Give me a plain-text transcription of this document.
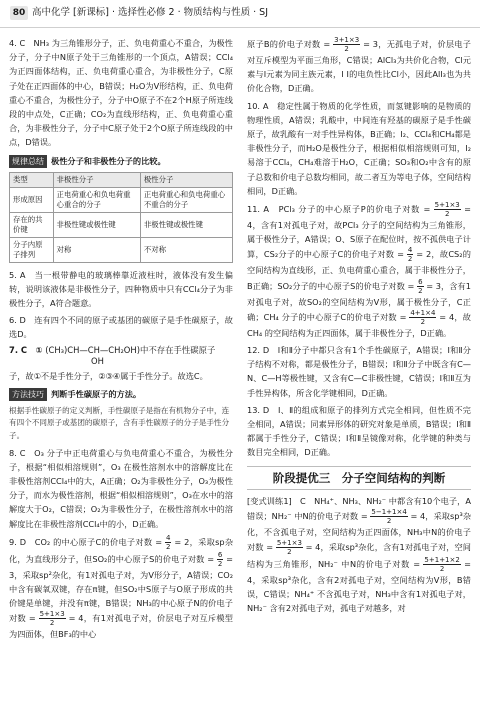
80 高中化学 [新课标] · 选择性必修 2 · 物质结构与性质 · SJ

4. C　NH₃ 为三角锥形分子，正、负电荷重心不重合，为极性分子，分子中N原子处于三角锥形的一个顶点，A错误；CCl₄为正四面体结构，正、负电荷重心重合，为非极性分子，C原子处在正四面体的中心，B错误；H₂O为V形结构，正、负电荷重心不重合，为极性分子，分子中O原子不在2个H原子所连线段的中点处，C正确；CO₂为直线形结构，正、负电荷重心重合，为非极性分子，分子中C原子处于2个O原子所连线段的中点，D错误。

规律总结 极性分子和非极性分子的比较。
类型	非极性分子	极性分子
形成原因	正电荷重心和负电荷重心重合的分子	正电荷重心和负电荷重心不重合的分子
存在的共价键	非极性键或极性键	非极性键或极性键
分子内原子排列	对称	不对称

5. A　当一根带静电的玻璃棒靠近液柱时，液体没有发生偏转，说明该液体是非极性分子，四种物质中只有CCl₄分子为非极性分子，A符合题意。

6. D　连有四个不同的原子或基团的碳原子是手性碳原子，故选D。

7. C　① (CH₃)CH—CH—CH₂OH)中不存在手性碳原子
OH

子，故①不是手性分子，②③④属于手性分子。故选C。

方法技巧 判断手性碳原子的方法。
根据手性碳原子的定义判断，手性碳原子是指在有机物分子中，连有四个不同原子或基团的碳原子，含有手性碳原子的分子是手性分子。

8. C　O₃ 分子中正电荷重心与负电荷重心不重合，为极性分子，根据“相似相溶规则”，O₃ 在极性溶剂水中的溶解度比在非极性溶剂CCl₄中的大，A正确；O₂为非极性分子，O₃为极性分子，而水为极性溶剂，根据“相似相溶规则”，O₃在水中的溶解度大于O₂，C错误；O₂为非极性分子，在极性溶剂水中的溶解度比在非极性溶剂CCl₄中的小，D正确。

9. D　CO₂ 的中心原子C的价电子对数 = $\frac{4}{2} = 2$，采取sp杂化，为直线形分子，但SO₂的中心原子S的价电子对数 = $\frac{6}{2} = 3$，采取sp²杂化，有1对孤电子对，为V形分子，A错误；CO₂中含有碳氧双键，存在π键，但SO₂中S原子与O原子形成的共价键是单键，并没有π键，B错误；NH₃的中心原子N的价电子对数 = $\frac{5+1\times 3}{2} = 4$，有1对孤电子对，价层电子对互斥模型为四面体，但BF₃的中心

原子B的价电子对数 = $\frac{3+1\times 3}{2} = 3$，无孤电子对，价层电子对互斥模型为平面三角形，C错误；AlCl₃为共价化合物，Cl元素与I元素为同主族元素，I I的电负性比Cl小，因此AlI₃也为共价化合物，D正确。

10. A　稳定性属于物质的化学性质，而氢键影响的是物质的物理性质，A错误；乳酸中，中间连有羟基的碳原子是手性碳原子，故乳酸有一对手性异构体，B正确；I₂、CCl₄和CH₄都是非极性分子，而H₂O是极性分子，根据相似相溶规则可知，I₂易溶于CCl₄，CH₄难溶于H₂O，C正确；SO₃和O₂中含有的原子总数和价电子总数均相同，故二者互为等电子体，空间结构相同，D正确。

11. A　PCl₃ 分子的中心原子P的价电子对数 = $\frac{5+1\times 3}{2} = 4$，含有1对孤电子对，故PCl₃ 分子的空间结构为三角锥形，属于极性分子，A错误；O、S原子在配位时，按不孤供电子计算，CS₂分子的中心原子C的价电子对数 = $\frac{4}{2} = 2$，故CS₂的空间结构为直线形，正、负电荷重心重合，属于非极性分子，B正确；SO₂分子的中心原子S的价电子对数 = $\frac{6}{2} = 3$，含有1对孤电子对，故SO₂的空间结构为V形，属于极性分子，C正确；CH₄ 分子的中心原子C的价电子对数 = $\frac{4+1\times 4}{2} = 4$，故CH₄ 的空间结构为正四面体，属于非极性分子，D正确。

12. D　Ⅰ和Ⅱ分子中都只含有1个手性碳原子，A错误；Ⅰ和Ⅱ分子结构不对称，都是极性分子，B错误；Ⅰ和Ⅱ分子中既含有C—N、C—H等极性键，又含有C—C非极性键，C错误；Ⅰ和Ⅱ互为手性异构体，所含化学键相同，D正确。

13. D　Ⅰ、Ⅱ的组成和原子的排列方式完全相同，但性质不完全相同，A错误；同素异形体的研究对象是单质，B错误；Ⅰ和Ⅱ都属于手性分子，C错误；Ⅰ和Ⅱ呈镜像对称，化学键的种类与数目完全相同，D正确。

阶段提优三　分子空间结构的判断

[变式训练1]　C　NH₄⁺、NH₃、NH₂⁻ 中都含有10个电子，A错误；NH₂⁻ 中N的价电子对数 = $\frac{5-1+1\times 4}{2} = 4$，采取sp³杂化，不含孤电子对，空间结构为正四面体，NH₃中N的价电子对数 = $\frac{5+1\times 3}{2} = 4$，采取sp³杂化，含有1对孤电子对，空间结构为三角锥形，NH₂⁻ 中N的价电子对数 = $\frac{5+1+1\times 2}{2} = 4$，采取sp³杂化，含有2对孤电子对，空间结构为V形，B错误，C错误；NH₄⁺ 不含孤电子对，NH₃中含有1对孤电子对，NH₂⁻ 含有2对孤电子对，孤电子对越多，对
